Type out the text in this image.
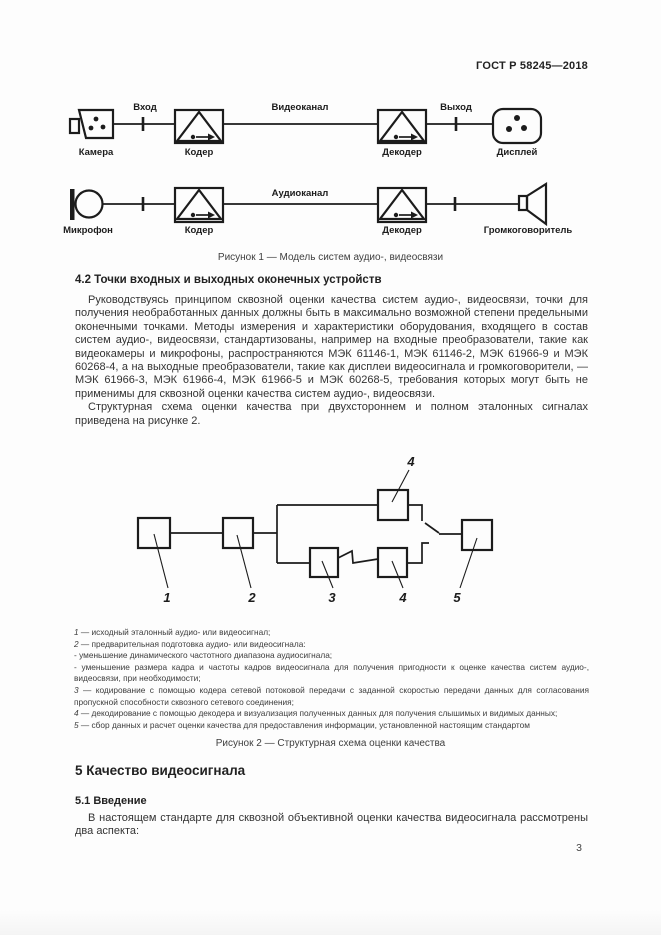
ГОСТ Р 58245—2018
Камера
Вход
Кодер
Видеоканал
Декодер
Выход
Дисплей
Микрофон	Кодер
Аудиоканал
Декодер	Громкоговоритель
Рисунок 1 — Модель систем аудио-, видеосвязи
4.2 Точки входных и выходных оконечных устройств

Руководствуясь принципом сквозной оценки качества систем аудио-, видеосвязи, точки для получения необработанных данных должны быть в максимально возможной степени предельными оконечными точками. Методы измерения и характеристики оборудования, входящего в состав систем аудио-, видеосвязи, стандартизованы, например на входные преобразователи, такие как видеокамеры и микрофоны, распространяются МЭК 61146-1, МЭК 61146-2, МЭК 61966-9 и МЭК 60268-4, а на выходные преобразователи, такие как дисплеи видеосигнала и громкоговорители, — МЭК 61966-3, МЭК 61966-4, МЭК 61966-5 и МЭК 60268-5, требования которых могут быть не применимы для сквозной оценки качества систем аудио-, видеосвязи.

Структурная схема оценки качества при двухстороннем и полном эталонных сигналах приведена на рисунке 2.

1	2	3	4
4
5
1 — исходный эталонный аудио- или видеосигнал;
2 — предварительная подготовка аудио- или видеосигнала:
- уменьшение динамического частотного диапазона аудиосигнала;
- уменьшение размера кадра и частоты кадров видеосигнала для получения пригодности к оценке качества систем аудио-, видеосвязи, при необходимости;
3 — кодирование с помощью кодера сетевой потоковой передачи с заданной скоростью передачи данных для согласования пропускной способности сквозного сетевого соединения;
4 — декодирование с помощью декодера и визуализация полученных данных для получения слышимых и видимых данных;
5 — сбор данных и расчет оценки качества для предоставления информации, установленной настоящим стандартом
Рисунок 2 — Структурная схема оценки качества
5 Качество видеосигнала
5.1 Введение

В настоящем стандарте для сквозной объективной оценки качества видеосигнала рассмотрены два аспекта:

3
